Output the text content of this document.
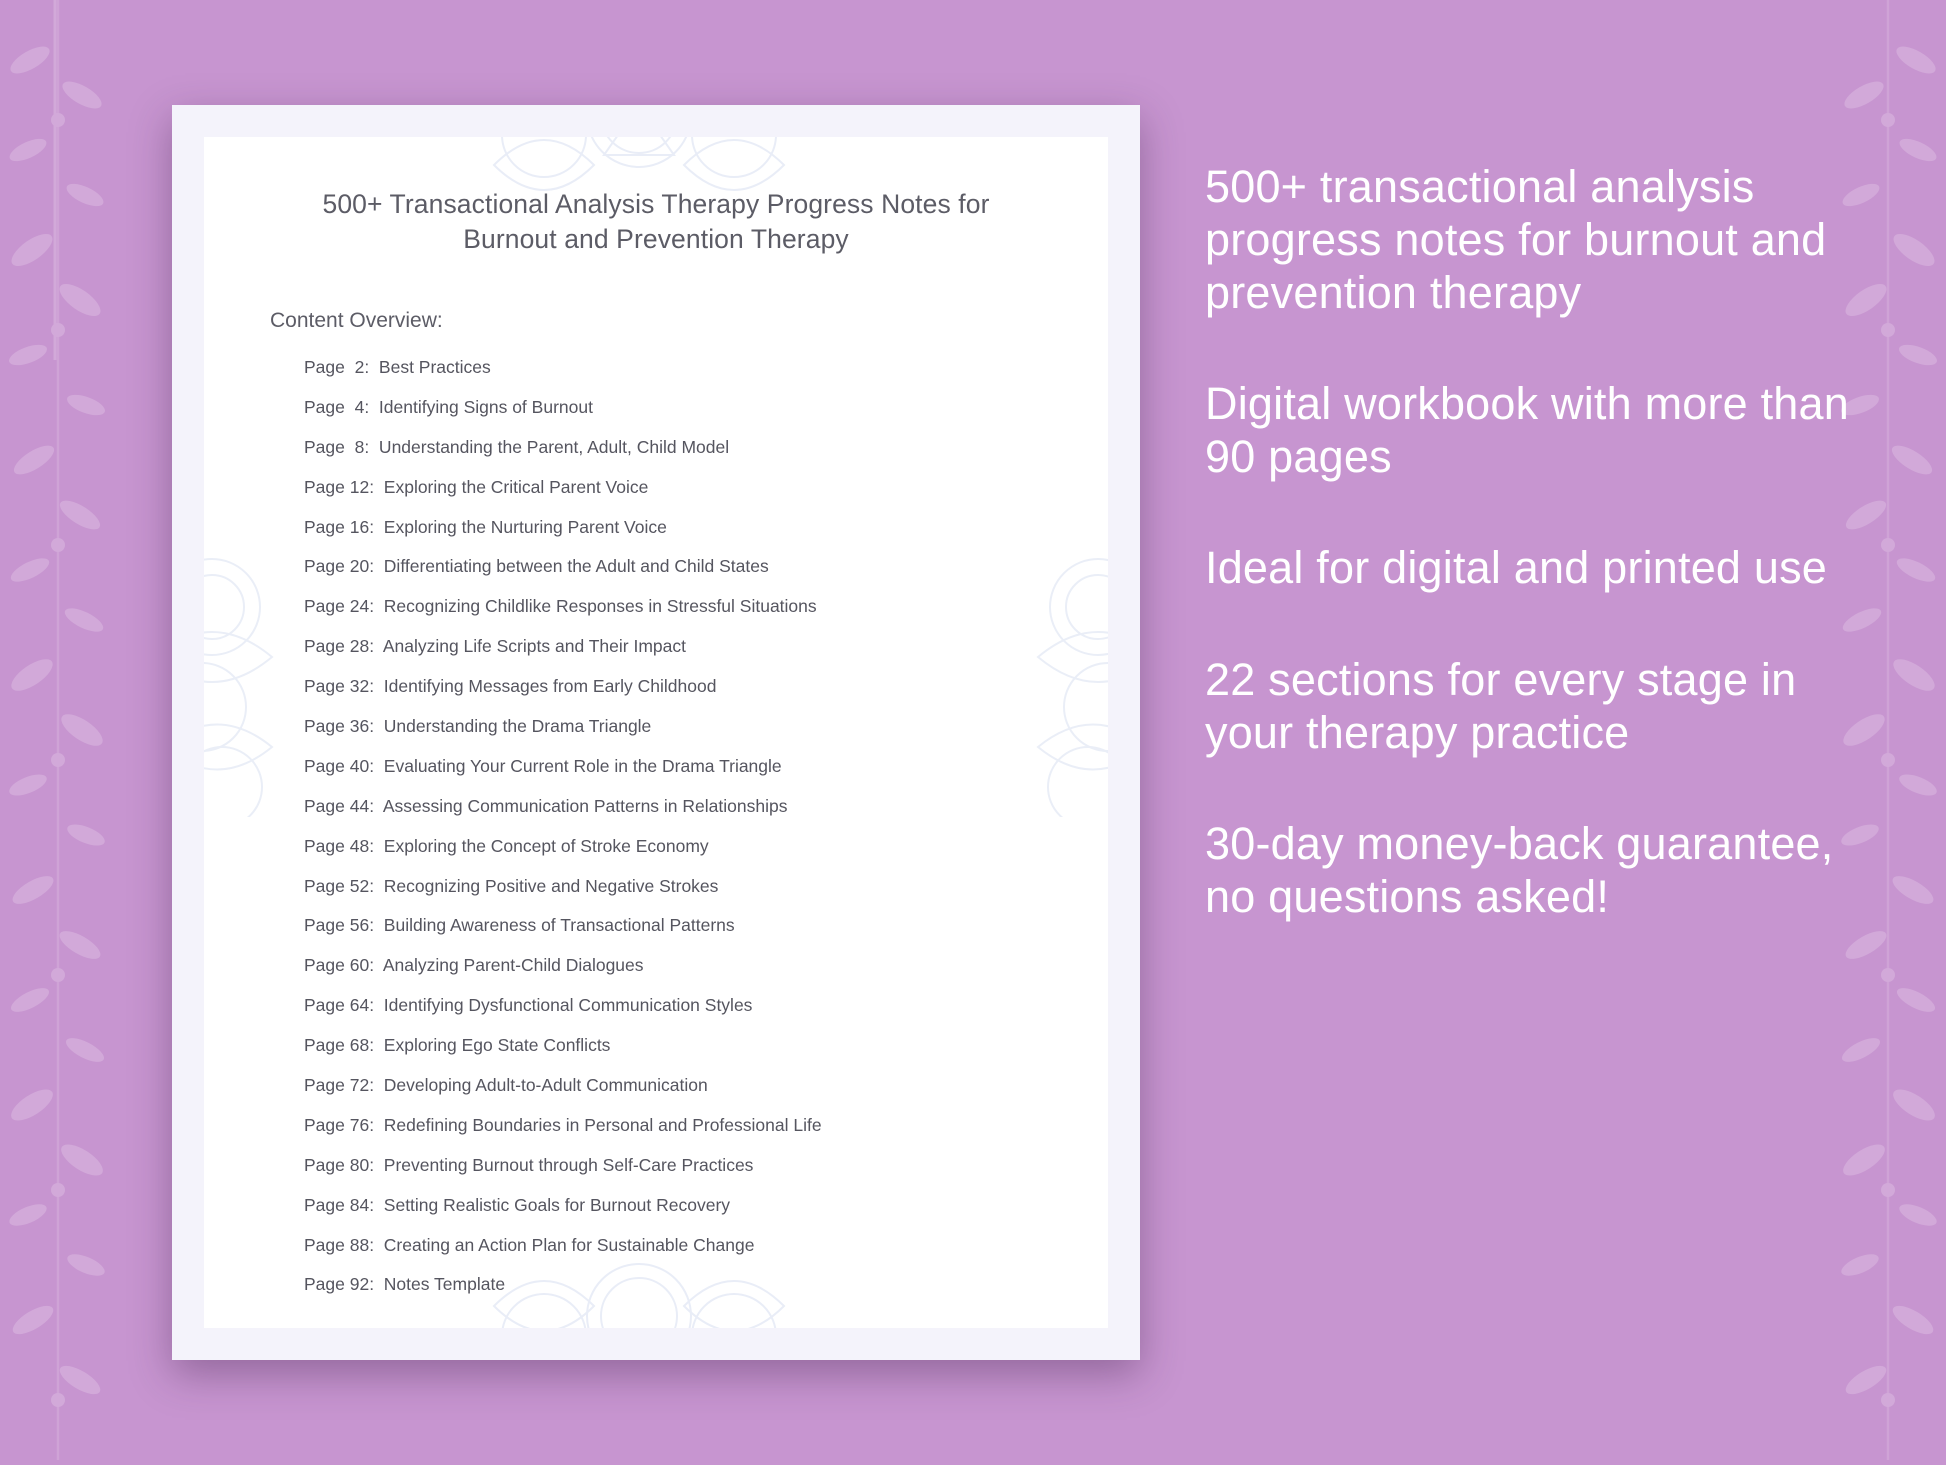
500+ Transactional Analysis Therapy Progress Notes for Burnout and Prevention Therapy
Content Overview:
Page  2:  Best Practices
Page  4:  Identifying Signs of Burnout
Page  8:  Understanding the Parent, Adult, Child Model
Page 12:  Exploring the Critical Parent Voice
Page 16:  Exploring the Nurturing Parent Voice
Page 20:  Differentiating between the Adult and Child States
Page 24:  Recognizing Childlike Responses in Stressful Situations
Page 28:  Analyzing Life Scripts and Their Impact
Page 32:  Identifying Messages from Early Childhood
Page 36:  Understanding the Drama Triangle
Page 40:  Evaluating Your Current Role in the Drama Triangle
Page 44:  Assessing Communication Patterns in Relationships
Page 48:  Exploring the Concept of Stroke Economy
Page 52:  Recognizing Positive and Negative Strokes
Page 56:  Building Awareness of Transactional Patterns
Page 60:  Analyzing Parent-Child Dialogues
Page 64:  Identifying Dysfunctional Communication Styles
Page 68:  Exploring Ego State Conflicts
Page 72:  Developing Adult-to-Adult Communication
Page 76:  Redefining Boundaries in Personal and Professional Life
Page 80:  Preventing Burnout through Self-Care Practices
Page 84:  Setting Realistic Goals for Burnout Recovery
Page 88:  Creating an Action Plan for Sustainable Change
Page 92:  Notes Template

500+ transactional analysis progress notes for burnout and prevention therapy

Digital workbook with more than 90 pages

Ideal for digital and printed use

22 sections for every stage in your therapy practice

30-day money-back guarantee, no questions asked!
